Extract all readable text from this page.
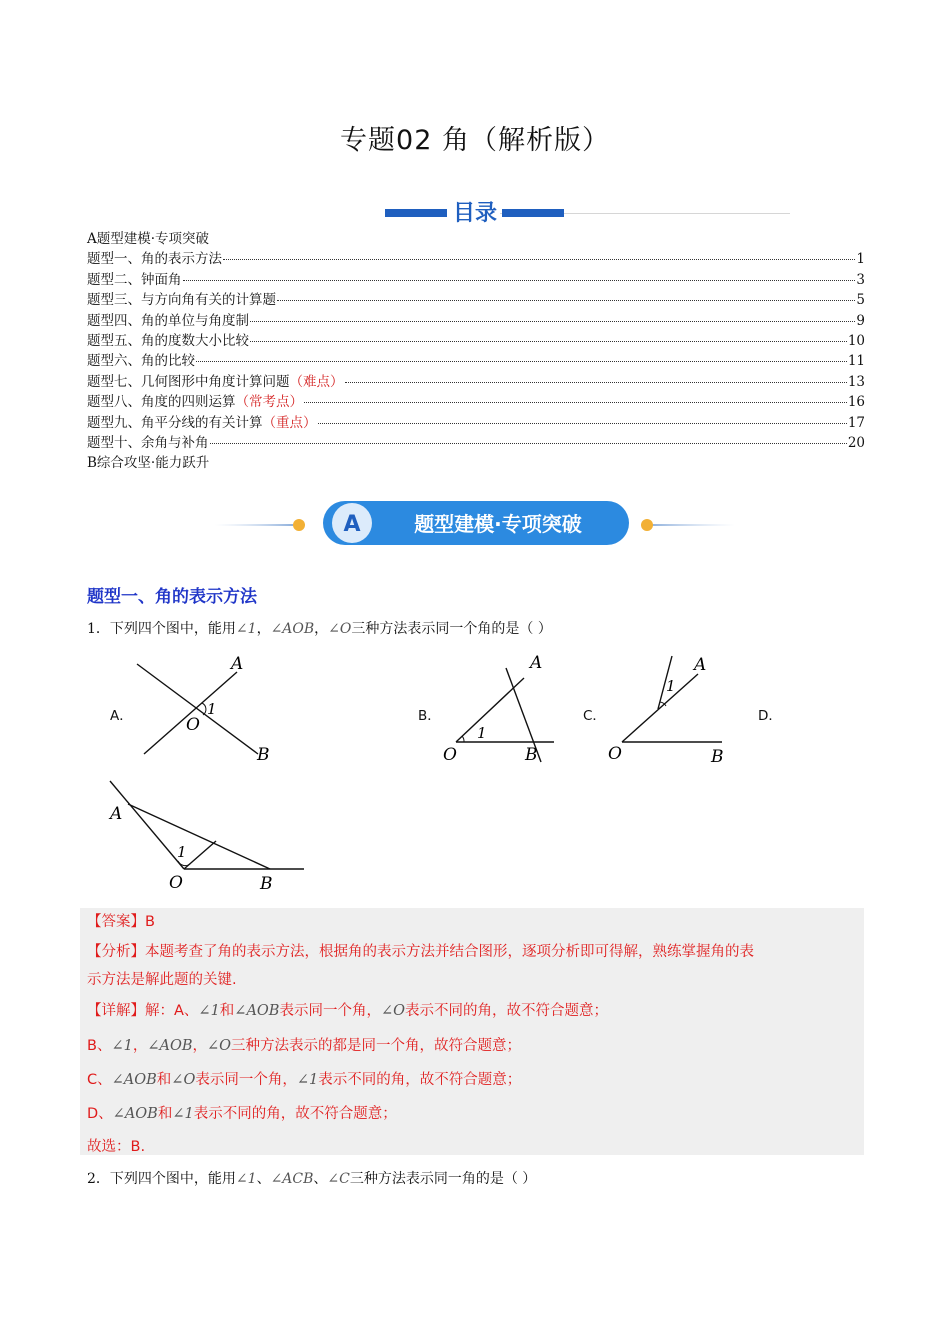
专题02 角（解析版）
目录
A题型建模·专项突破
题型一、角的表示方法	1
题型二、钟面角	3
题型三、与方向角有关的计算题	5
题型四、角的单位与角度制	9
题型五、角的度数大小比较	10
题型六、角的比较	11
题型七、几何图形中角度计算问题 （难点）	13
题型八、角度的四则运算 （常考点）	16
题型九、角平分线的有关计算 （重点）	17
题型十、余角与补角	20
B综合攻坚·能力跃升
A	题型建模·专项突破
题型一、角的表示方法
1．下列四个图中，能用∠1，∠AOB，∠O三种方法表示同一个角的是（ ）
A．	B．	C．	D．
A
1
O
B
A
1
O	B
A
1
O	B
A
1
O	B
【答案】B
【分析】本题考查了角的表示方法，根据角的表示方法并结合图形，逐项分析即可得解，熟练掌握角的表
示方法是解此题的关键.
【详解】解：A、∠1和∠AOB表示同一个角，∠O表示不同的角，故不符合题意；
B、∠1，∠AOB，∠O三种方法表示的都是同一个角，故符合题意；
C、∠AOB和∠O表示同一个角，∠1表示不同的角，故不符合题意；
D、∠AOB和∠1表示不同的角，故不符合题意；
故选：B.
2．下列四个图中，能用∠1、∠ACB、∠C三种方法表示同一角的是（ ）
